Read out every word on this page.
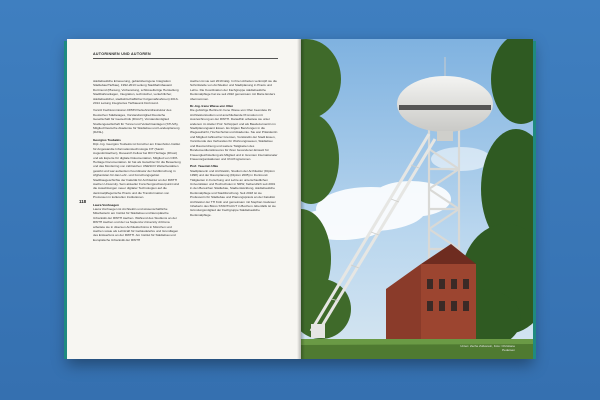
AUTORINNEN UND AUTOREN
118

städtebauliche Erneuerung, gebietsbezogene Integration Städtebau/Tiefbau), 1992-2013 Leitung Stadtbahnbauamt Dortmund (Planung, Vorbereitung, schlüsselfertige Herstellung Stadtbahnanlagen, Integration, technischer, verkehrlicher, städtebaulicher, stadtwirtschaftlicher Folgemaßnahmen) 2013-2014 Leitung Integriertes Tiefbauamt Dortmund.

Vorsitz Fachkommission DPMV/Verkehrsinfrastruktur des Deutschen Städtetages, Vorstandsmitglied Deutsche Gesellschaft für Geotechnik (DGGT), Vorstandsmitglied Studiengesellschaft für Tunnel und Verkehrsanlagen (STUVA), Mitglied Deutsche Akademie für Städtebau und Landesplanung (DASL).

Georgios Toubekis

Dipl.-Ing. Georgios Toubekis ist Forscher am Fraunhofer-Institut für Angewandte Informationstechnologie FIT (Sankt Augustin/Aachen), Research Fellow bei RIO Heritage (Dhost) und als Experte für digitale Dokumentation, Mitglied von CIPA Heritage Documentation. Er hat als Gutachter für die Bewertung und das Monitoring von zahlreichen UNESCO Welterbestätten gewirkt und war außerdem Koordinator der Feldforschung in Afghanistan für das Lehr- und Forschungsgebiet Stadtbaugeschichte der Fakultät für Architektur an der RWTH Aachen University. Sein aktueller Forschungsschwerpunkt sind die Auswirkungen neuer digitaler Technologien auf die denkmalpflegerische Praxis und die Transformation von Prozessen in kulturellen Institutionen.

Laura Vonhoegen

Laura Vonhoegen ist Architektin und wissenschaftliche Mitarbeiterin am Institut für Städtebau und Europäische Urbanistik der RWTH Aachen. Während des Studiums an der RWTH Aachen und der La Sapienza University di Roma arbeitete sie in diversen Architekturbüros in München und Aachen sowie als Lehrkraft für Gebäudelehre und Grundlagen des Entwerfens an der RWTH. Am Institut für Städtebau und Europäische Urbanistik der RWTH

Aachen ist sie seit 2019 tätig. In ihren Arbeiten verknüpft sie die Schnittstelle von Architektur und Stadtplanung in Praxis und Lehre. Die Koordination der Fachgruppe städtebauliche Denkmalpflege hat sie seit 2022 gemeinsam mit Marie Enders übernommen.

Dr.-Ing. Irene Wiese-von Ofen

Die gebürtige Berlinerin Irene Wiese-von Ofen beendete ihr Architekturstudium und anschließende Promotion mit Auszeichnung an der RWTH. Daraufhin arbeitete sie unter anderem im Atelier Prof. Schüppert und als Baudezernentin im Stadtplanungsamt Essen. Es folgten Berufungen in die Wegeaufsicht, Hochschulrat und Akademie. Sie war Präsidentin und Mitglied zahlreicher Gremien, Vorständin der Stadt Essen, Vorsitzende des Verbandes für Wohnungswesen, Städtebau und Raumordnung und weitere Tätigkeiten des Bundesverdienstkreuzes für ihren besonderen Einsatz für Frauengleichstellung als Mitglied und in Gremien Internationaler Frauenorganisationen und UN-Programmen.

Prof. Yasemin Utku

Stadtplanerin und Architektin, Studium der Architektur (Diplom 1998) und der Raumplanung (Diplom 2005) in Dortmund. Tätigkeiten in Forschung und Lehre an unterschiedlichen Universitäten und Hochschulen in NRW, freiberuflich seit 2001 in den Bereichen Städtebau, Stadtentwicklung, städtebauliche Denkmalpflege und Stadtforschung. Seit 2018 ist sie Professorin für Städtebau und Planungspraxis an der Fakultät Architektur der TH Köln und gemeinsam mit Stephan Gudewer Inhaberin des Büros STADTGUUT in Bochum. Ebenfalls ist sie Gründungsmitglied der Fachgruppe Städtebauliche Denkmalpflege.

Unten: Zeche Zollverein, Foto: Christiane Pedersen
